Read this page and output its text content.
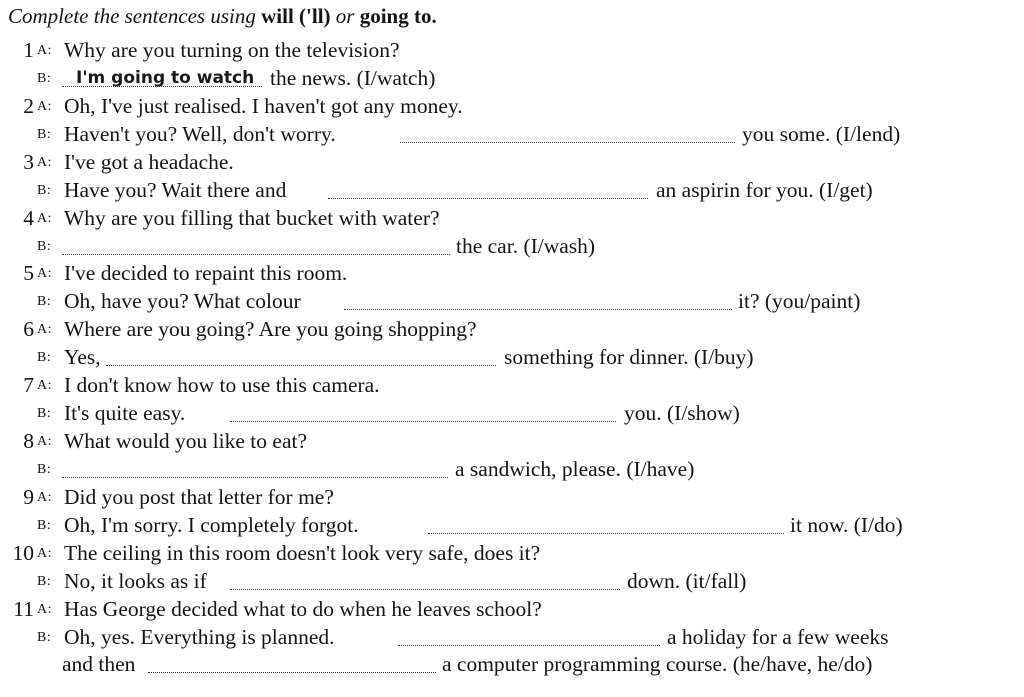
Complete the sentences using will ('ll) or going to.
1 A: Why are you turning on the television?
B: I'm going to watch the news. (I/watch)
2 A: Oh, I've just realised. I haven't got any money.
B: Haven't you? Well, don't worry.	you some. (I/lend)
3 A: I've got a headache.
B: Have you? Wait there and	an aspirin for you. (I/get)
4 A: Why are you filling that bucket with water?
B:	the car. (I/wash)
5 A: I've decided to repaint this room.
B: Oh, have you? What colour	it? (you/paint)
6 A: Where are you going? Are you going shopping?
B: Yes,	something for dinner. (I/buy)
7 A: I don't know how to use this camera.
B: It's quite easy.	you. (I/show)
8 A: What would you like to eat?
B:	a sandwich, please. (I/have)
9 A: Did you post that letter for me?
B: Oh, I'm sorry. I completely forgot.	it now. (I/do)
10 A: The ceiling in this room doesn't look very safe, does it?
B: No, it looks as if	down. (it/fall)
11 A: Has George decided what to do when he leaves school?
B: Oh, yes. Everything is planned.	a holiday for a few weeks
and then	a computer programming course. (he/have, he/do)
